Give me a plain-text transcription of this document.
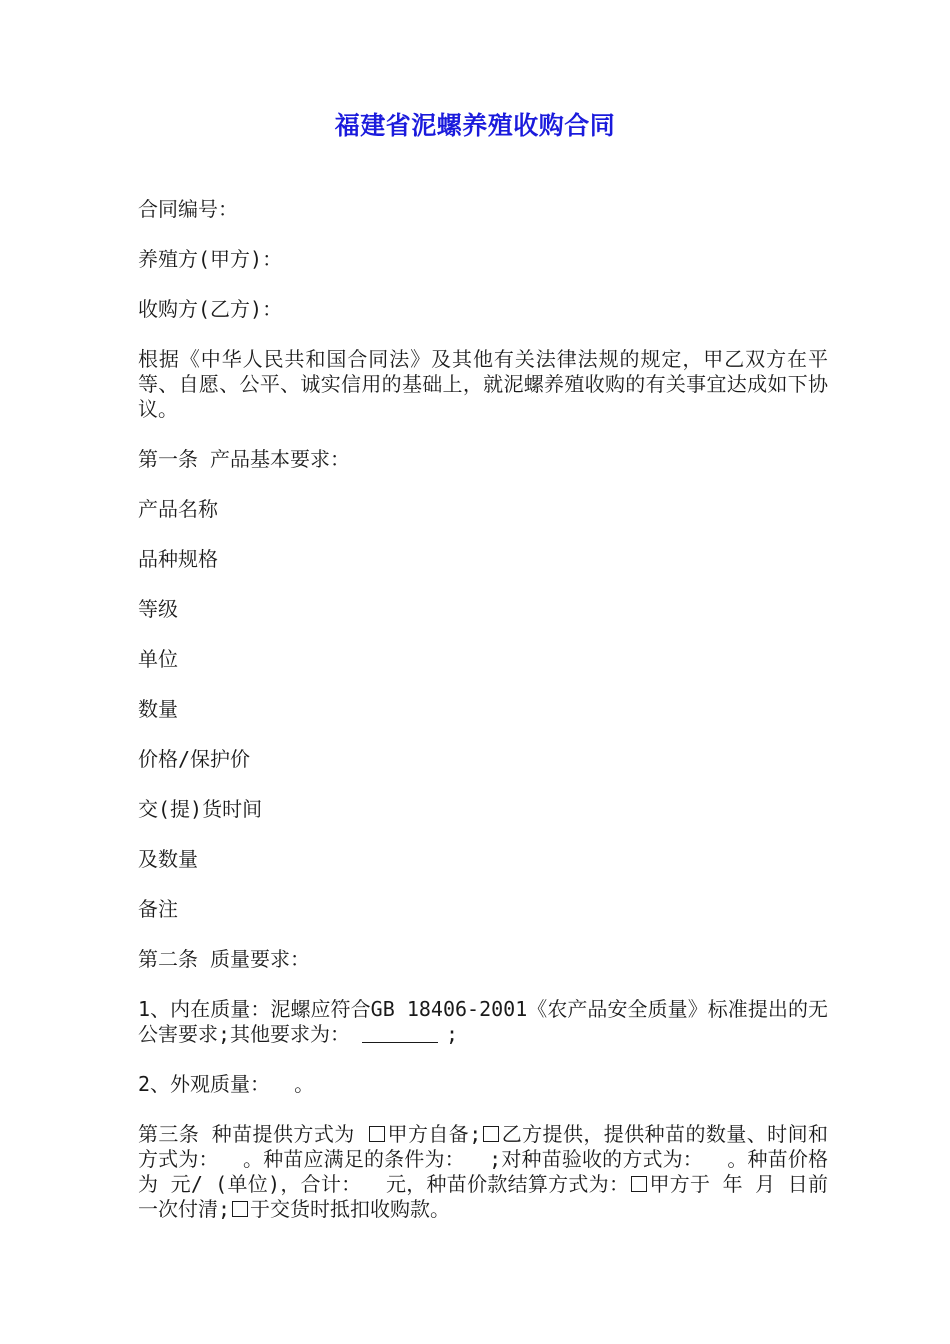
福建省泥螺养殖收购合同

合同编号：

养殖方(甲方)：

收购方(乙方)：

根据《中华人民共和国合同法》及其他有关法律法规的规定，甲乙双方在平等、自愿、公平、诚实信用的基础上，就泥螺养殖收购的有关事宜达成如下协议。

第一条 产品基本要求：

产品名称

品种规格

等级

单位

数量

价格/保护价

交(提)货时间

及数量

备注

第二条 质量要求：

1、内在质量：泥螺应符合GB 18406-2001《农产品安全质量》标准提出的无公害要求;其他要求为：	;

2、外观质量：  。

第三条 种苗提供方式为 甲方自备; 乙方提供，提供种苗的数量、时间和方式为：  。种苗应满足的条件为：  ;对种苗验收的方式为：  。种苗价格为 元/ (单位)，合计：  元，种苗价款结算方式为： 甲方于 年 月 日前一次付清; 于交货时抵扣收购款。
